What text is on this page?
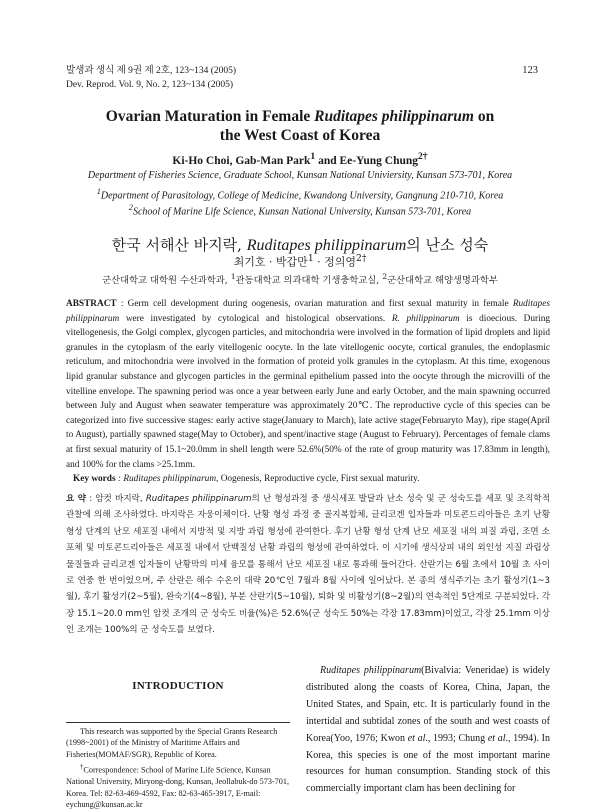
발생과 생식 제 9권 제 2호, 123~134 (2005)
Dev. Reprod. Vol. 9, No. 2, 123~134 (2005)
123
Ovarian Maturation in Female Ruditapes philippinarum on
the West Coast of Korea
Ki-Ho Choi, Gab-Man Park$^1$ and Ee-Yung Chung$^{2\dagger}$
Department of Fisheries Science, Graduate School, Kunsan National Univiersity, Kunsan 573-701, Korea
$^1$Department of Parasitology, College of Medicine, Kwandong University, Gangnung 210-710, Korea
$^2$School of Marine Life Science, Kunsan National University, Kunsan 573-701, Korea
한국 서해산 바지락, Ruditapes philippinarum의 난소 성숙
최기호 · 박갑만$^1$ · 정의영$^{2\dagger}$
군산대학교 대학원 수산과학과, $^1$관동대학교 의과대학 기생충학교실, $^2$군산대학교 해양생명과학부
ABSTRACT : Germ cell development during oogenesis, ovarian maturation and first sexual maturity in female Ruditapes philippinarum were investigated by cytological and histological observations. R. philippinarum is dioecious. During vitellogenesis, the Golgi complex, glycogen particles, and mitochondria were involved in the formation of lipid droplets and lipid granules in the cytoplasm of the early vitellogenic oocyte. In the late vitellogenic oocyte, cortical granules, the endoplasmic reticulum, and mitochondria were involved in the formation of proteid yolk granules in the cytoplasm. At this time, exogenous lipid granular substance and glycogen particles in the germinal epithelium passed into the oocyte through the microvilli of the vitelline envelope. The spawning period was once a year between early June and early October, and the main spawning occurred between July and August when seawater temperature was approximately 20℃. The reproductive cycle of this species can be categorized into five successive stages: early active stage(January to March), late active stage(Februaryto May), ripe stage(April to August), partially spawned stage(May to October), and spent/inactive stage (August to February). Percentages of female clams at first sexual maturity of 15.1~20.0mm in shell length were 52.6%(50% of the rate of group maturity was 17.83mm in length), and 100% for the clams >25.1mm.
Key words : Ruditapes philippinarum, Oogenesis, Reproductive cycle, First sexual maturity.
요 약 : 암컷 바지락, Ruditapes philippinarum의 난 형성과정 중 생식세포 발달과 난소 성숙 및 군 성숙도를 세포 및 조직학적 관찰에 의해 조사하였다. 바지락은 자웅이체이다. 난황 형성 과정 중 골지복합체, 글리코겐 입자들과 미토콘드리아들은 초기 난황 형성 단계의 난모 세포질 내에서 지방적 및 지방 과립 형성에 관여한다. 후기 난황 형성 단계 난모 세포질 내의 피질 과립, 조면 소포체 및 미토콘드리아들은 세포질 내에서 단백질성 난황 과립의 형성에 관여하였다. 이 시기에 생식상피 내의 외인성 지질 과립상 물질들과 글리코겐 입자들이 난황막의 미세 융모를 통해서 난모 세포질 내로 통과해 들어간다. 산란기는 6월 초에서 10월 초 사이로 연중 한 번이었으며, 주 산란은 해수 수온이 대략 20℃인 7월과 8월 사이에 일어났다. 본 종의 생식주기는 초기 활성기(1~3월), 후기 활성기(2~5월), 완숙기(4~8월), 부분 산란기(5~10월), 퇴화 및 비활성기(8~2월)의 연속적인 5단계로 구분되었다. 각장 15.1~20.0 mm인 암컷 조개의 군 성숙도 비율(%)은 52.6%(군 성숙도 50%는 각장 17.83mm)이었고, 각장 25.1mm 이상인 조개는 100%의 군 성숙도를 보였다.
INTRODUCTION
This research was supported by the Special Grants Research (1998~2001) of the Ministry of Maritime Affairs and Fisheries(MOMAF/SGR), Republic of Korea.
†Correspondence: School of Marine Life Science, Kunsan National University, Miryong-dong, Kunsan, Jeollabuk-do 573-701, Korea. Tel: 82-63-469-4592, Fax: 82-63-465-3917, E-mail: eychung@kunsan.ac.kr
Ruditapes philippinarum(Bivalvia: Veneridae) is widely distributed along the coasts of Korea, China, Japan, the United States, and Spain, etc. It is particularly found in the intertidal and subtidal zones of the south and west coasts of Korea(Yoo, 1976; Kwon et al., 1993; Chung et al., 1994). In Korea, this species is one of the most important marine resources for human consumption. Standing stock of this commercially important clam has been declining for
